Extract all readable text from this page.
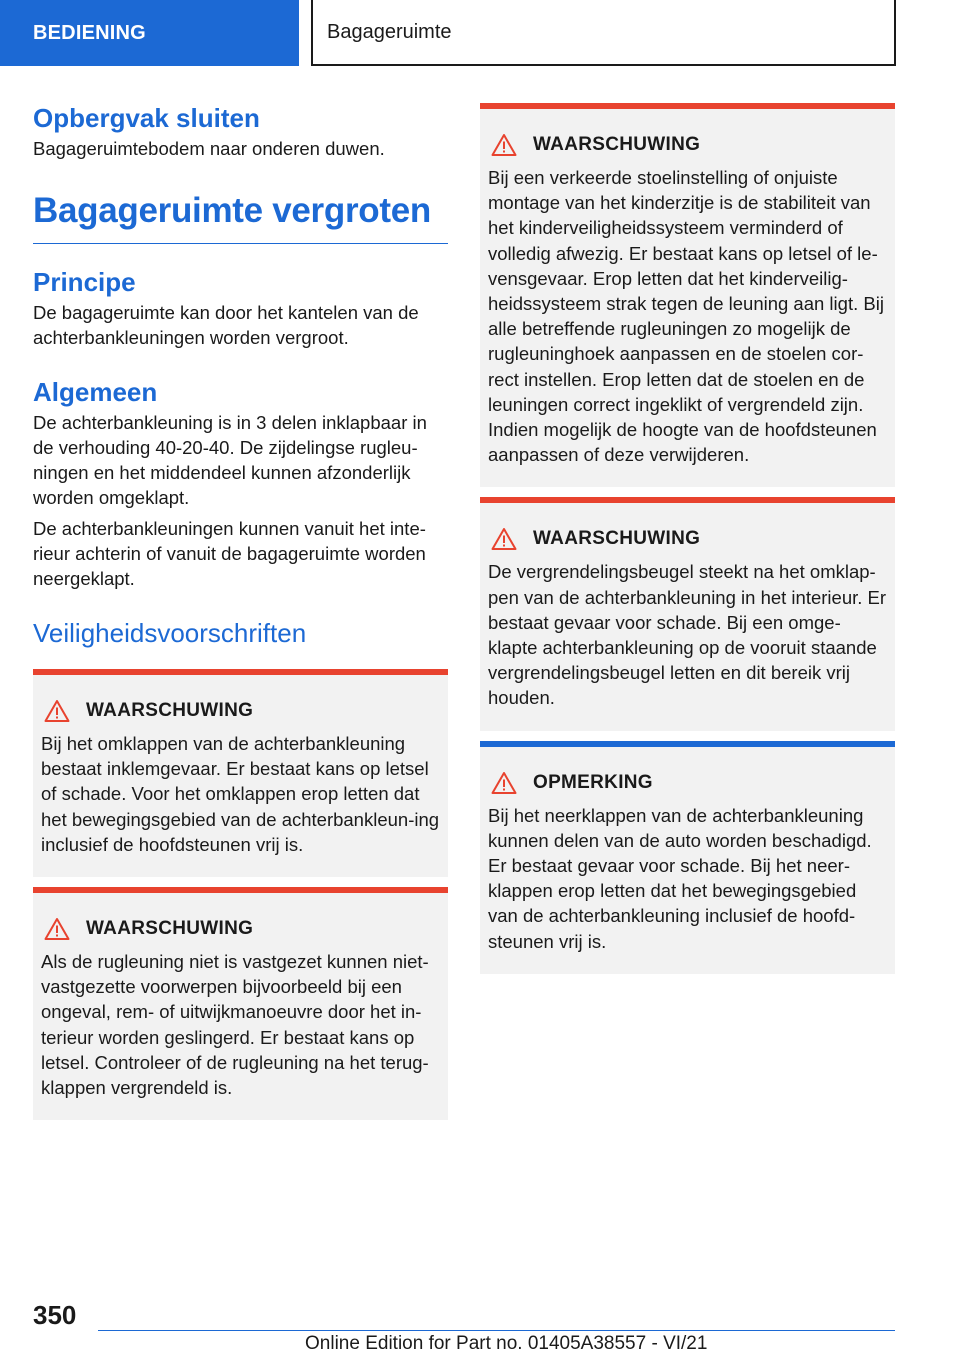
BEDIENING	Bagageruimte
Opbergvak sluiten

Bagageruimtebodem naar onderen duwen.

Bagageruimte vergroten
Principe

De bagageruimte kan door het kantelen van de achterbankleuningen worden vergroot.

Algemeen

De achterbankleuning is in 3 delen inklapbaar in de verhouding 40-20-40. De zijdelingse rugleu-ningen en het middendeel kunnen afzonderlijk worden omgeklapt.

De achterbankleuningen kunnen vanuit het inte-rieur achterin of vanuit de bagageruimte worden neergeklapt.

Veiligheidsvoorschriften
WAARSCHUWING

Bij het omklappen van de achterbankleuning bestaat inklemgevaar. Er bestaat kans op letsel of schade. Voor het omklappen erop letten dat het bewegingsgebied van de achterbankleun-ing inclusief de hoofdsteunen vrij is.

WAARSCHUWING

Als de rugleuning niet is vastgezet kunnen niet-vastgezette voorwerpen bijvoorbeeld bij een ongeval, rem- of uitwijkmanoeuvre door het in-terieur worden geslingerd. Er bestaat kans op letsel. Controleer of de rugleuning na het terug-klappen vergrendeld is.

WAARSCHUWING

Bij een verkeerde stoelinstelling of onjuiste montage van het kinderzitje is de stabiliteit van het kinderveiligheidssysteem verminderd of volledig afwezig. Er bestaat kans op letsel of le-vensgevaar. Erop letten dat het kinderveilig-heidssysteem strak tegen de leuning aan ligt. Bij alle betreffende rugleuningen zo mogelijk de rugleuninghoek aanpassen en de stoelen cor-rect instellen. Erop letten dat de stoelen en de leuningen correct ingeklikt of vergrendeld zijn. Indien mogelijk de hoogte van de hoofdsteunen aanpassen of deze verwijderen.

WAARSCHUWING

De vergrendelingsbeugel steekt na het omklap-pen van de achterbankleuning in het interieur. Er bestaat gevaar voor schade. Bij een omge-klapte achterbankleuning op de vooruit staande vergrendelingsbeugel letten en dit bereik vrij houden.

OPMERKING

Bij het neerklappen van de achterbankleuning kunnen delen van de auto worden beschadigd. Er bestaat gevaar voor schade. Bij het neer-klappen erop letten dat het bewegingsgebied van de achterbankleuning inclusief de hoofd-steunen vrij is.

350
Online Edition for Part no. 01405A38557 - VI/21
